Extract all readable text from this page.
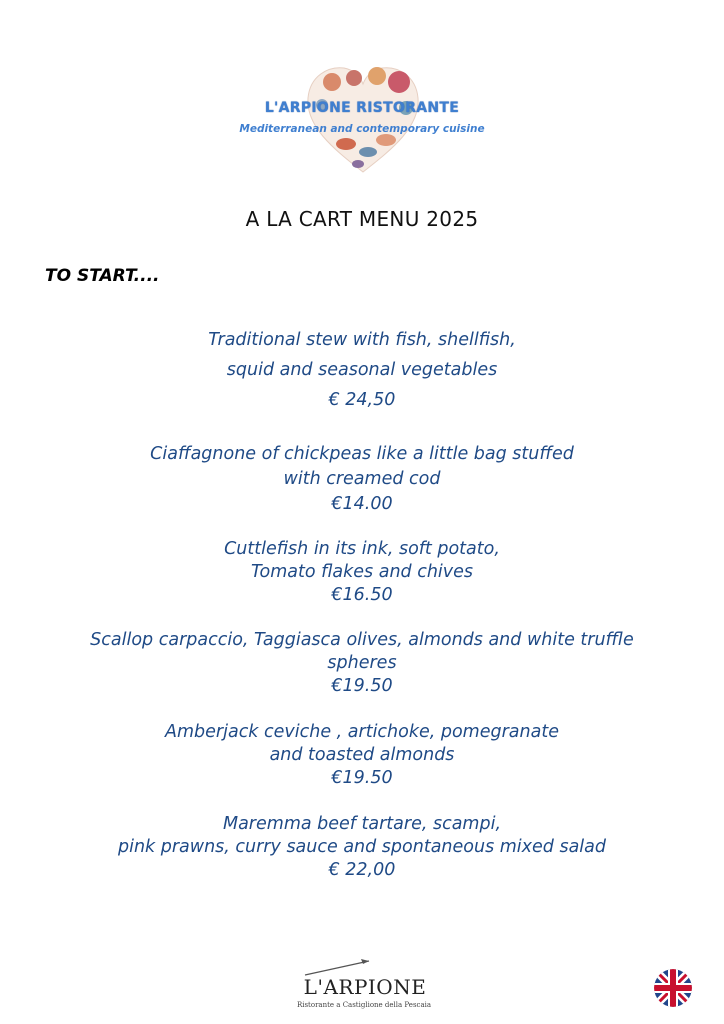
L'ARPIONE RISTORANTE
Mediterranean and contemporary cuisine
A LA CART MENU 2025
TO START....
Traditional stew with fish, shellfish,
squid and seasonal vegetables
€ 24,50
Ciaffagnone of chickpeas like a little bag stuffed
with creamed cod
€14.00
Cuttlefish in its ink, soft potato,
Tomato flakes and chives
€16.50
Scallop carpaccio, Taggiasca olives, almonds and white truffle
spheres
€19.50
Amberjack ceviche , artichoke, pomegranate
and toasted almonds
€19.50
Maremma beef tartare, scampi,
pink prawns, curry sauce and spontaneous mixed salad
€ 22,00
L'ARPIONE
Ristorante a Castiglione della Pescaia
